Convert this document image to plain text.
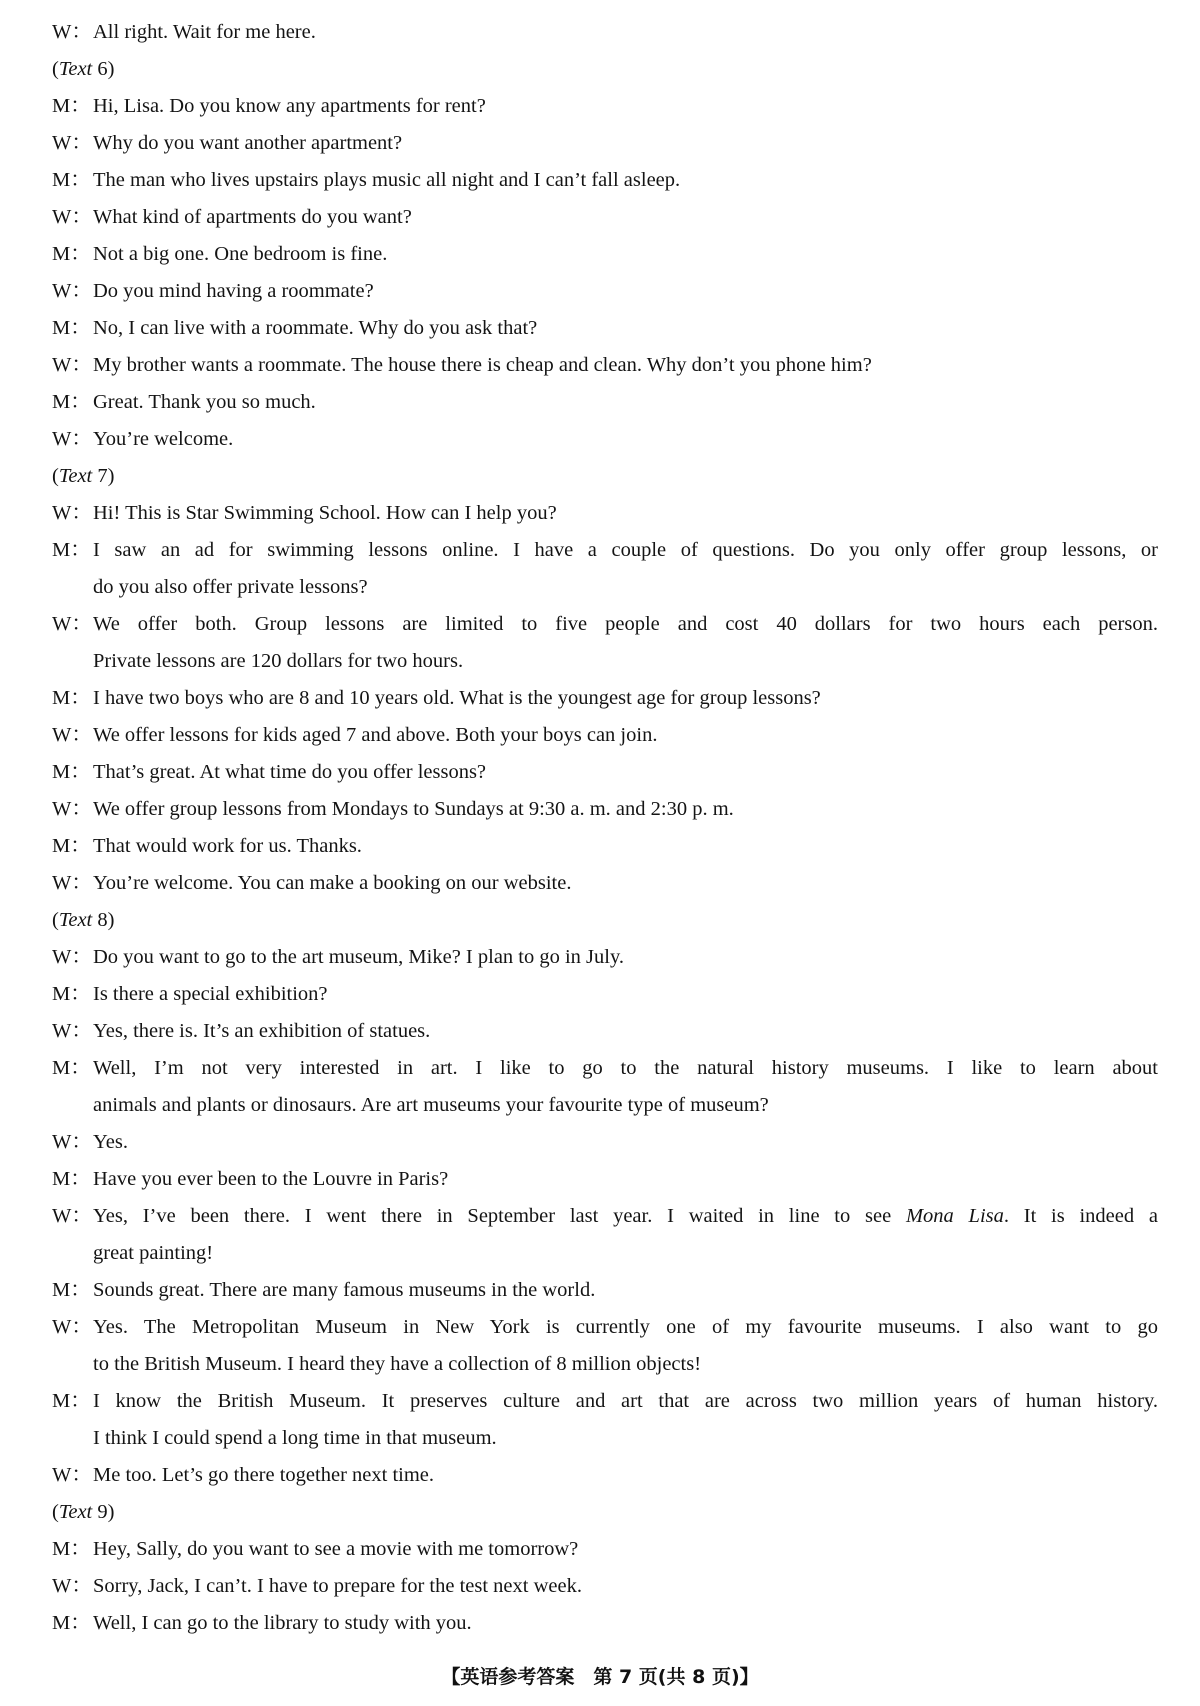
W：All right. Wait for me here.
(Text 6)
M： Hi, Lisa. Do you know any apartments for rent?
W：Why do you want another apartment?
M： The man who lives upstairs plays music all night and I can’t fall asleep.
W：What kind of apartments do you want?
M： Not a big one. One bedroom is fine.
W：Do you mind having a roommate?
M： No, I can live with a roommate. Why do you ask that?
W：My brother wants a roommate. The house there is cheap and clean. Why don’t you phone him?
M： Great. Thank you so much.
W：You’re welcome.
(Text 7)
W：Hi! This is Star Swimming School. How can I help you?
M： I saw an ad for swimming lessons online. I have a couple of questions. Do you only offer group lessons, or
do you also offer private lessons?
W： We offer both. Group lessons are limited to five people and cost 40 dollars for two hours each person.
Private lessons are 120 dollars for two hours.
M： I have two boys who are 8 and 10 years old. What is the youngest age for group lessons?
W：We offer lessons for kids aged 7 and above. Both your boys can join.
M： That’s great. At what time do you offer lessons?
W：We offer group lessons from Mondays to Sundays at 9:30 a. m. and 2:30 p. m.
M： That would work for us. Thanks.
W：You’re welcome. You can make a booking on our website.
(Text 8)
W：Do you want to go to the art museum, Mike? I plan to go in July.
M： Is there a special exhibition?
W：Yes, there is. It’s an exhibition of statues.
M： Well, I’m not very interested in art. I like to go to the natural history museums. I like to learn about
animals and plants or dinosaurs. Are art museums your favourite type of museum?
W：Yes.
M： Have you ever been to the Louvre in Paris?
W： Yes, I’ve been there. I went there in September last year. I waited in line to see Mona Lisa. It is indeed a
great painting!
M： Sounds great. There are many famous museums in the world.
W： Yes. The Metropolitan Museum in New York is currently one of my favourite museums. I also want to go
to the British Museum. I heard they have a collection of 8 million objects!
M： I know the British Museum. It preserves culture and art that are across two million years of human history.
I think I could spend a long time in that museum.
W：Me too. Let’s go there together next time.
(Text 9)
M： Hey, Sally, do you want to see a movie with me tomorrow?
W：Sorry, Jack, I can’t. I have to prepare for the test next week.
M： Well, I can go to the library to study with you.
【英语参考答案　第 7 页(共 8 页)】
